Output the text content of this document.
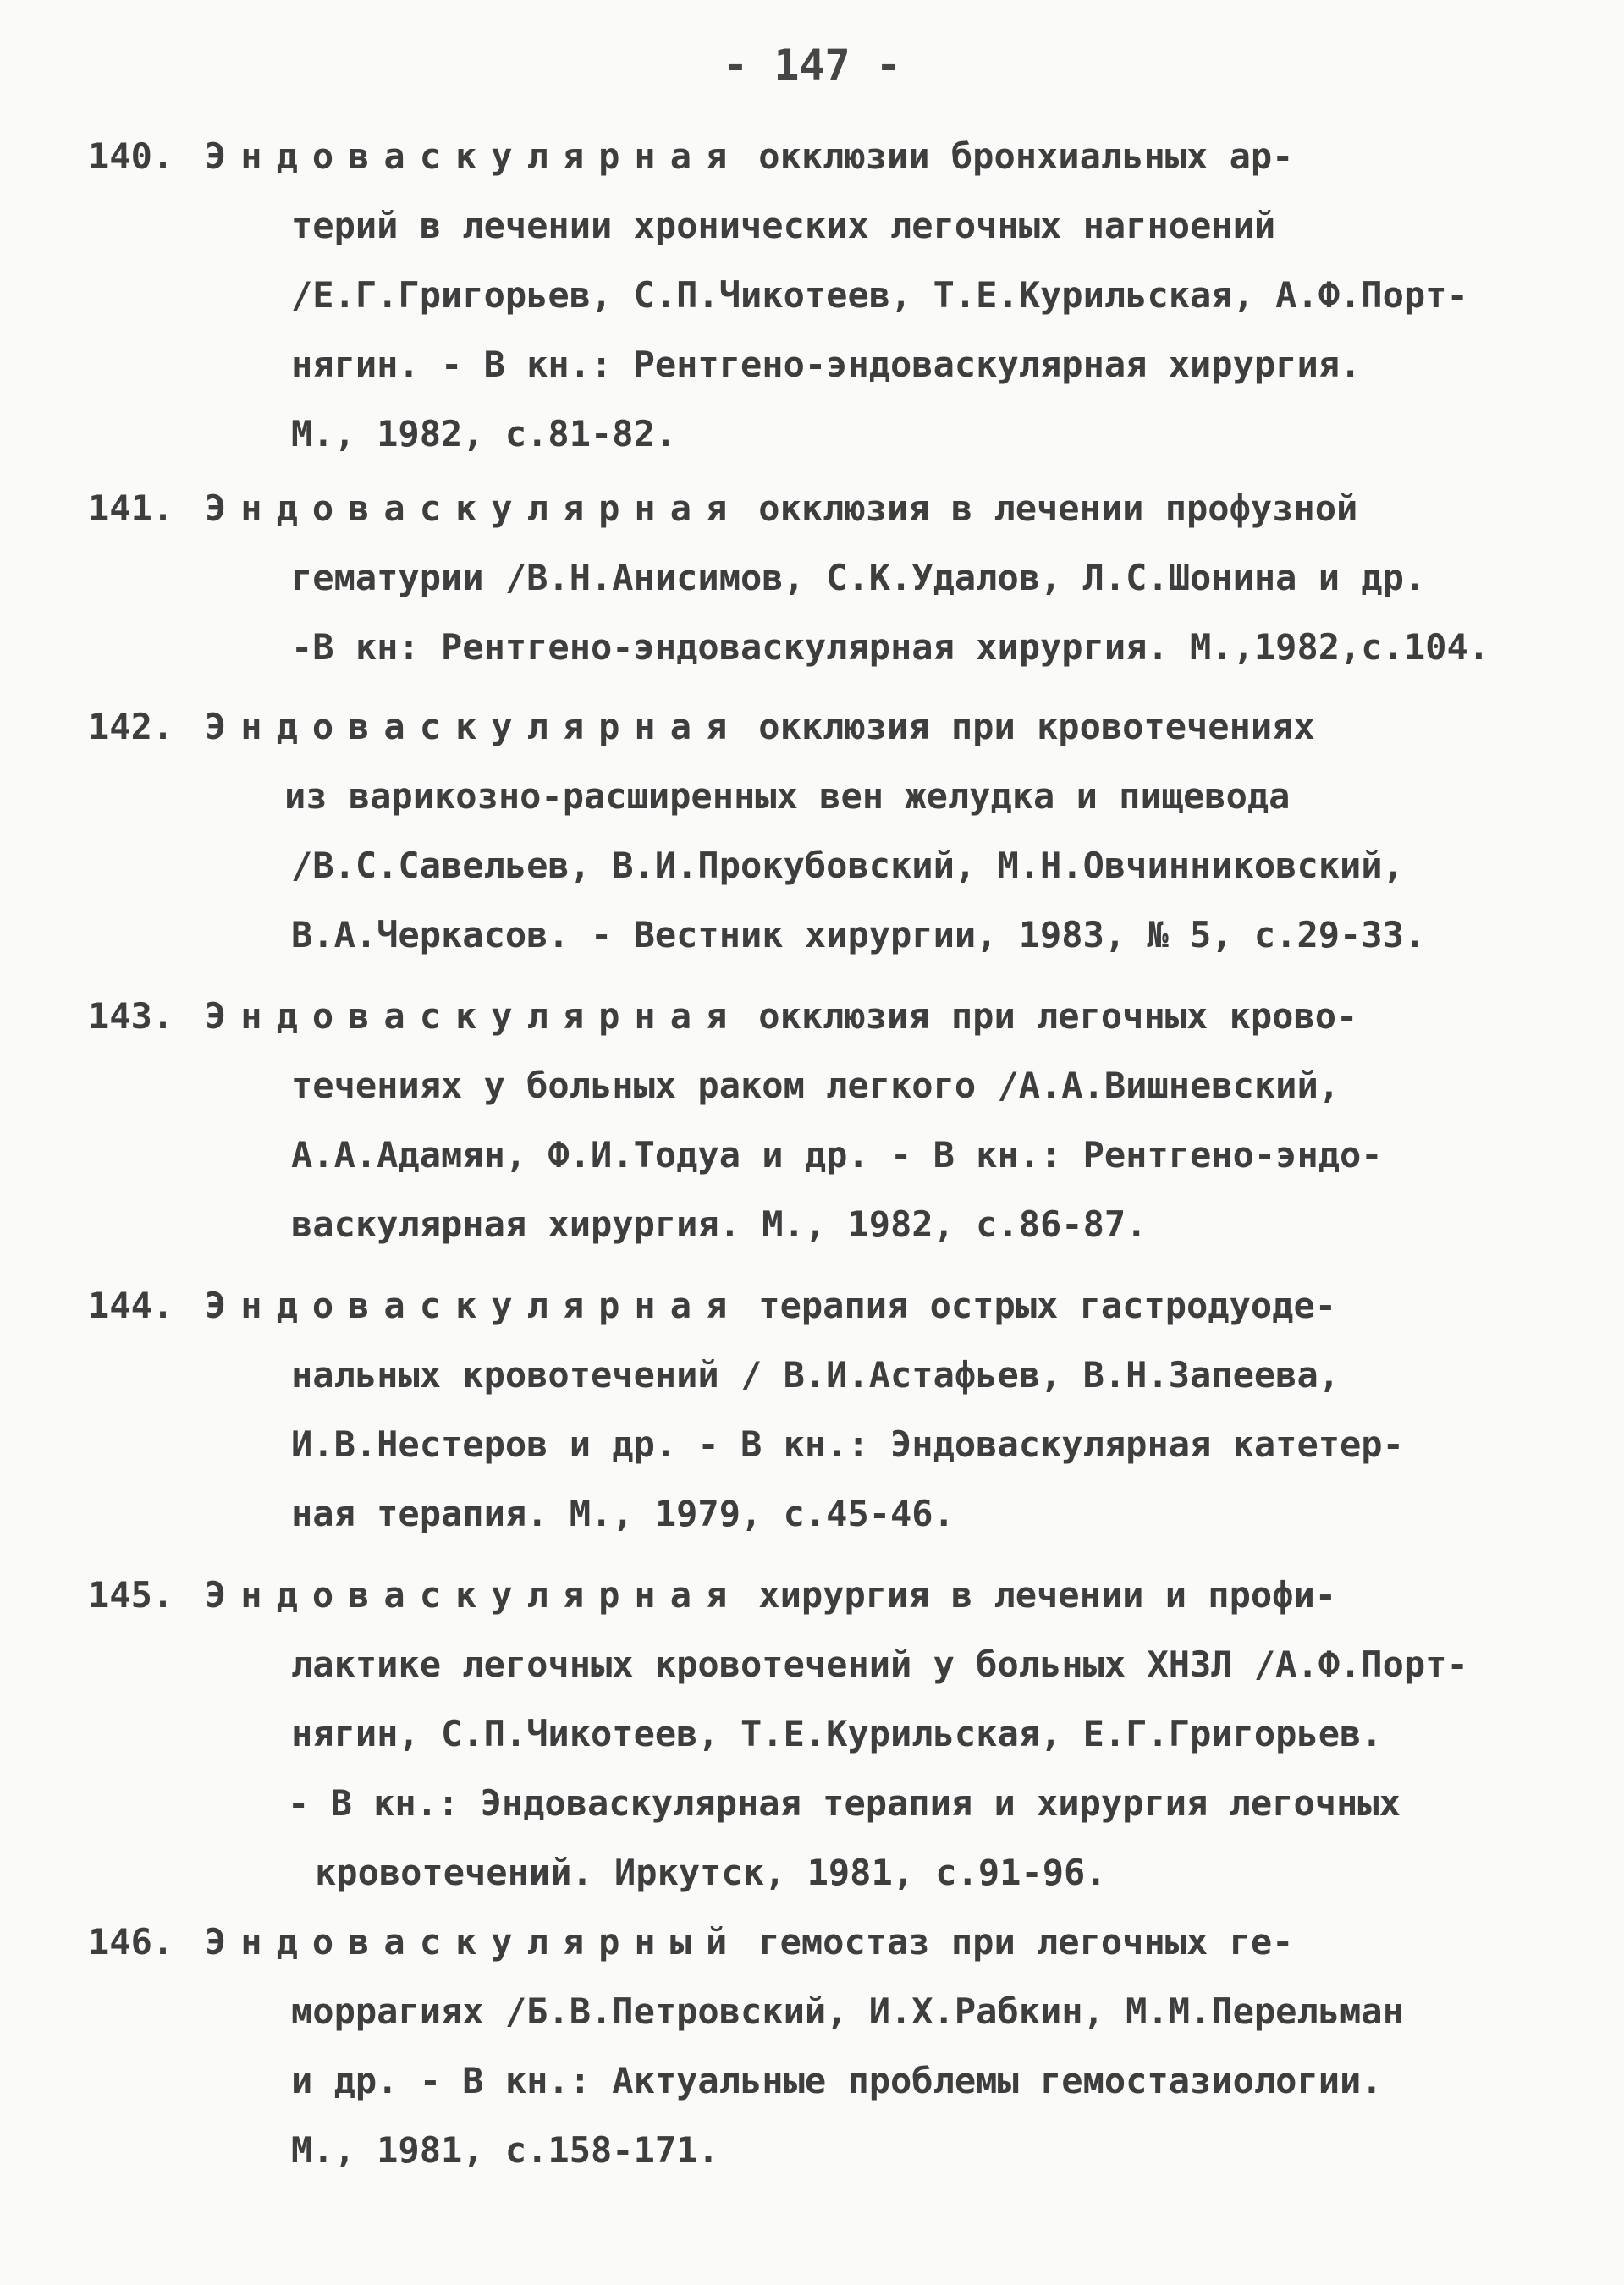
- 147 -
140. Эндоваскулярная окклюзии бронхиальных ар-
терий в лечении хронических легочных нагноений
/Е.Г.Григорьев, С.П.Чикотеев, Т.Е.Курильская, А.Ф.Порт-
нягин. - В кн.: Рентгено-эндоваскулярная хирургия.
М., 1982, с.81-82.
141. Эндоваскулярная окклюзия в лечении профузной
гематурии /В.Н.Анисимов, С.К.Удалов, Л.С.Шонина и др.
-В кн: Рентгено-эндоваскулярная хирургия. М.,1982,с.104.
142. Эндоваскулярная окклюзия при кровотечениях
из варикозно-расширенных вен желудка и пищевода
/В.С.Савельев, В.И.Прокубовский, М.Н.Овчинниковский,
В.А.Черкасов. - Вестник хирургии, 1983, № 5, с.29-33.
143. Эндоваскулярная окклюзия при легочных крово-
течениях у больных раком легкого /А.А.Вишневский,
А.А.Адамян, Ф.И.Тодуа и др. - В кн.: Рентгено-эндо-
васкулярная хирургия. М., 1982, с.86-87.
144. Эндоваскулярная терапия острых гастродуоде-
нальных кровотечений / В.И.Астафьев, В.Н.Запеева,
И.В.Нестеров и др. - В кн.: Эндоваскулярная катетер-
ная терапия. М., 1979, с.45-46.
145. Эндоваскулярная хирургия в лечении и профи-
лактике легочных кровотечений у больных ХНЗЛ /А.Ф.Порт-
нягин, С.П.Чикотеев, Т.Е.Курильская, Е.Г.Григорьев.
- В кн.: Эндоваскулярная терапия и хирургия легочных
кровотечений. Иркутск, 1981, с.91-96.
146. Эндоваскулярный гемостаз при легочных ге-
моррагиях /Б.В.Петровский, И.Х.Рабкин, М.М.Перельман
и др. - В кн.: Актуальные проблемы гемостазиологии.
М., 1981, с.158-171.
